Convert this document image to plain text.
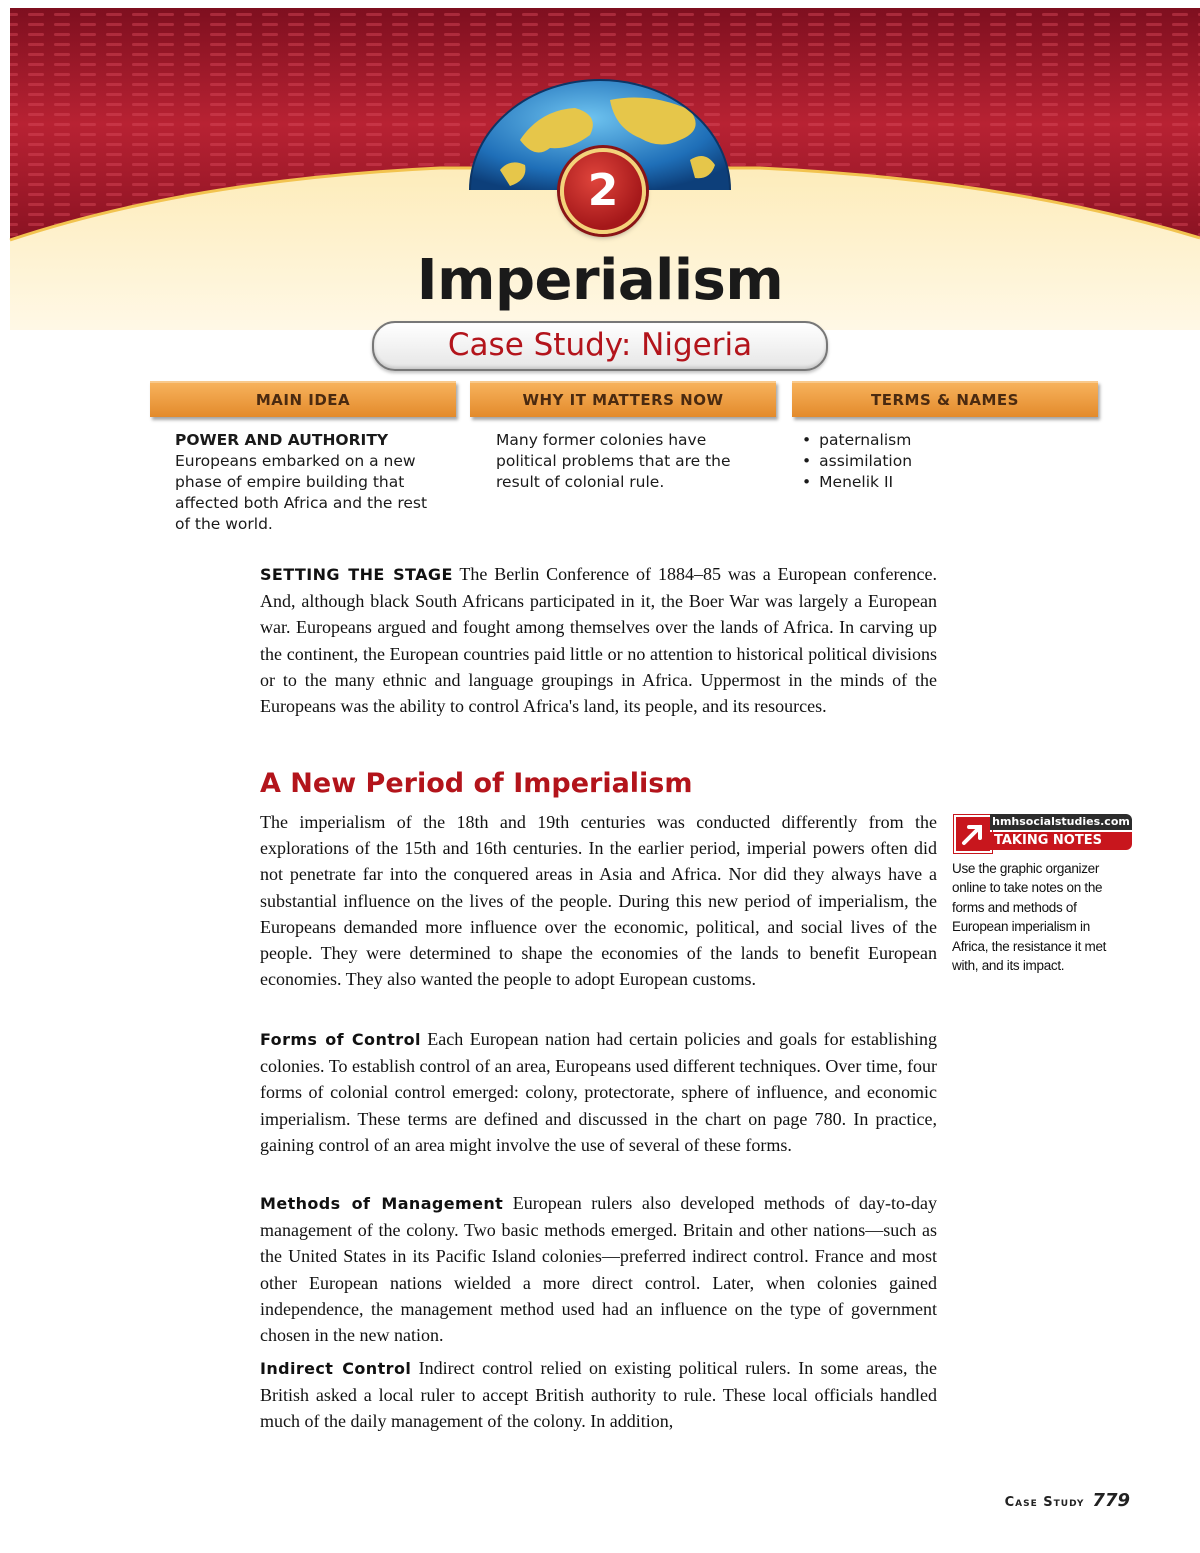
2
Imperialism
Case Study: Nigeria
MAIN IDEA	WHY IT MATTERS NOW	TERMS & NAMES
POWER AND AUTHORITY
Europeans embarked on a new phase of empire building that affected both Africa and the rest of the world.
Many former colonies have political problems that are the result of colonial rule.
• paternalism
• assimilation
• Menelik II
SETTING THE STAGE The Berlin Conference of 1884–85 was a European conference. And, although black South Africans participated in it, the Boer War was largely a European war. Europeans argued and fought among themselves over the lands of Africa. In carving up the continent, the European countries paid little or no attention to historical political divisions or to the many ethnic and language groupings in Africa. Uppermost in the minds of the Europeans was the ability to control Africa's land, its people, and its resources.
A New Period of Imperialism
The imperialism of the 18th and 19th centuries was conducted differently from the explorations of the 15th and 16th centuries. In the earlier period, imperial powers often did not penetrate far into the conquered areas in Asia and Africa. Nor did they always have a substantial influence on the lives of the people. During this new period of imperialism, the Europeans demanded more influence over the economic, political, and social lives of the people. They were determined to shape the economies of the lands to benefit European economies. They also wanted the people to adopt European customs.
Forms of Control Each European nation had certain policies and goals for establishing colonies. To establish control of an area, Europeans used different techniques. Over time, four forms of colonial control emerged: colony, protectorate, sphere of influence, and economic imperialism. These terms are defined and discussed in the chart on page 780. In practice, gaining control of an area might involve the use of several of these forms.
Methods of Management European rulers also developed methods of day-to-day management of the colony. Two basic methods emerged. Britain and other nations—such as the United States in its Pacific Island colonies—preferred indirect control. France and most other European nations wielded a more direct control. Later, when colonies gained independence, the management method used had an influence on the type of government chosen in the new nation.
Indirect Control Indirect control relied on existing political rulers. In some areas, the British asked a local ruler to accept British authority to rule. These local officials handled much of the daily management of the colony. In addition,
hmhsocialstudies.com
TAKING NOTES
Use the graphic organizer online to take notes on the forms and methods of European imperialism in Africa, the resistance it met with, and its impact.
Case Study 779
